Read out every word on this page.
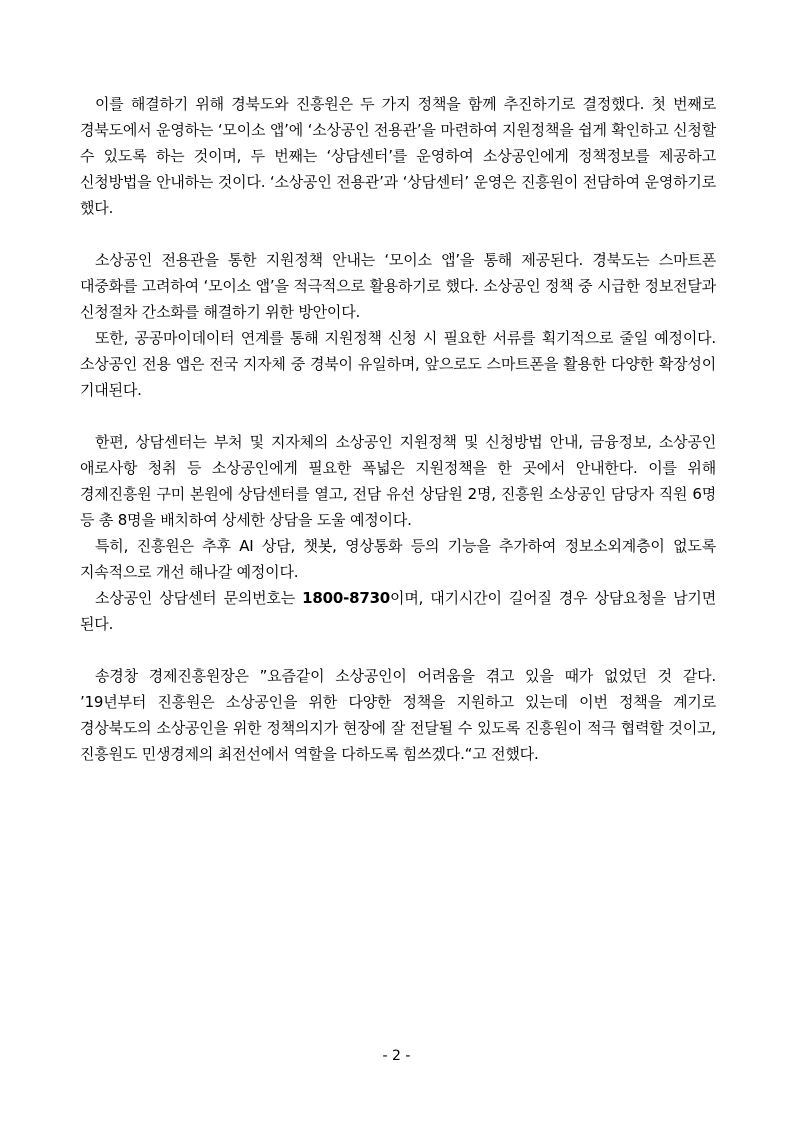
이를 해결하기 위해 경북도와 진흥원은 두 가지 정책을 함께 추진하기로 결정했다. 첫 번째로 경북도에서 운영하는 ‘모이소 앱’에 ‘소상공인 전용관’을 마련하여 지원정책을 쉽게 확인하고 신청할 수 있도록 하는 것이며, 두 번째는 ‘상담센터’를 운영하여 소상공인에게 정책정보를 제공하고 신청방법을 안내하는 것이다. ‘소상공인 전용관’과 ‘상담센터’ 운영은 진흥원이 전담하여 운영하기로 했다.

소상공인 전용관을 통한 지원정책 안내는 ‘모이소 앱’을 통해 제공된다. 경북도는 스마트폰 대중화를 고려하여 ‘모이소 앱’을 적극적으로 활용하기로 했다. 소상공인 정책 중 시급한 정보전달과 신청절차 간소화를 해결하기 위한 방안이다.

또한, 공공마이데이터 연계를 통해 지원정책 신청 시 필요한 서류를 획기적으로 줄일 예정이다. 소상공인 전용 앱은 전국 지자체 중 경북이 유일하며, 앞으로도 스마트폰을 활용한 다양한 확장성이 기대된다.

한편, 상담센터는 부처 및 지자체의 소상공인 지원정책 및 신청방법 안내, 금융정보, 소상공인 애로사항 청취 등 소상공인에게 필요한 폭넓은 지원정책을 한 곳에서 안내한다. 이를 위해 경제진흥원 구미 본원에 상담센터를 열고, 전담 유선 상담원 2명, 진흥원 소상공인 담당자 직원 6명 등 총 8명을 배치하여 상세한 상담을 도울 예정이다.

특히, 진흥원은 추후 AI 상담, 챗봇, 영상통화 등의 기능을 추가하여 정보소외계층이 없도록 지속적으로 개선 해나갈 예정이다.

소상공인 상담센터 문의번호는 1800-8730이며, 대기시간이 길어질 경우 상담요청을 남기면 된다.

송경창 경제진흥원장은 ”요즘같이 소상공인이 어려움을 겪고 있을 때가 없었던 것 같다. ’19년부터 진흥원은 소상공인을 위한 다양한 정책을 지원하고 있는데 이번 정책을 계기로 경상북도의 소상공인을 위한 정책의지가 현장에 잘 전달될 수 있도록 진흥원이 적극 협력할 것이고, 진흥원도 민생경제의 최전선에서 역할을 다하도록 힘쓰겠다.“고 전했다.

- 2 -
